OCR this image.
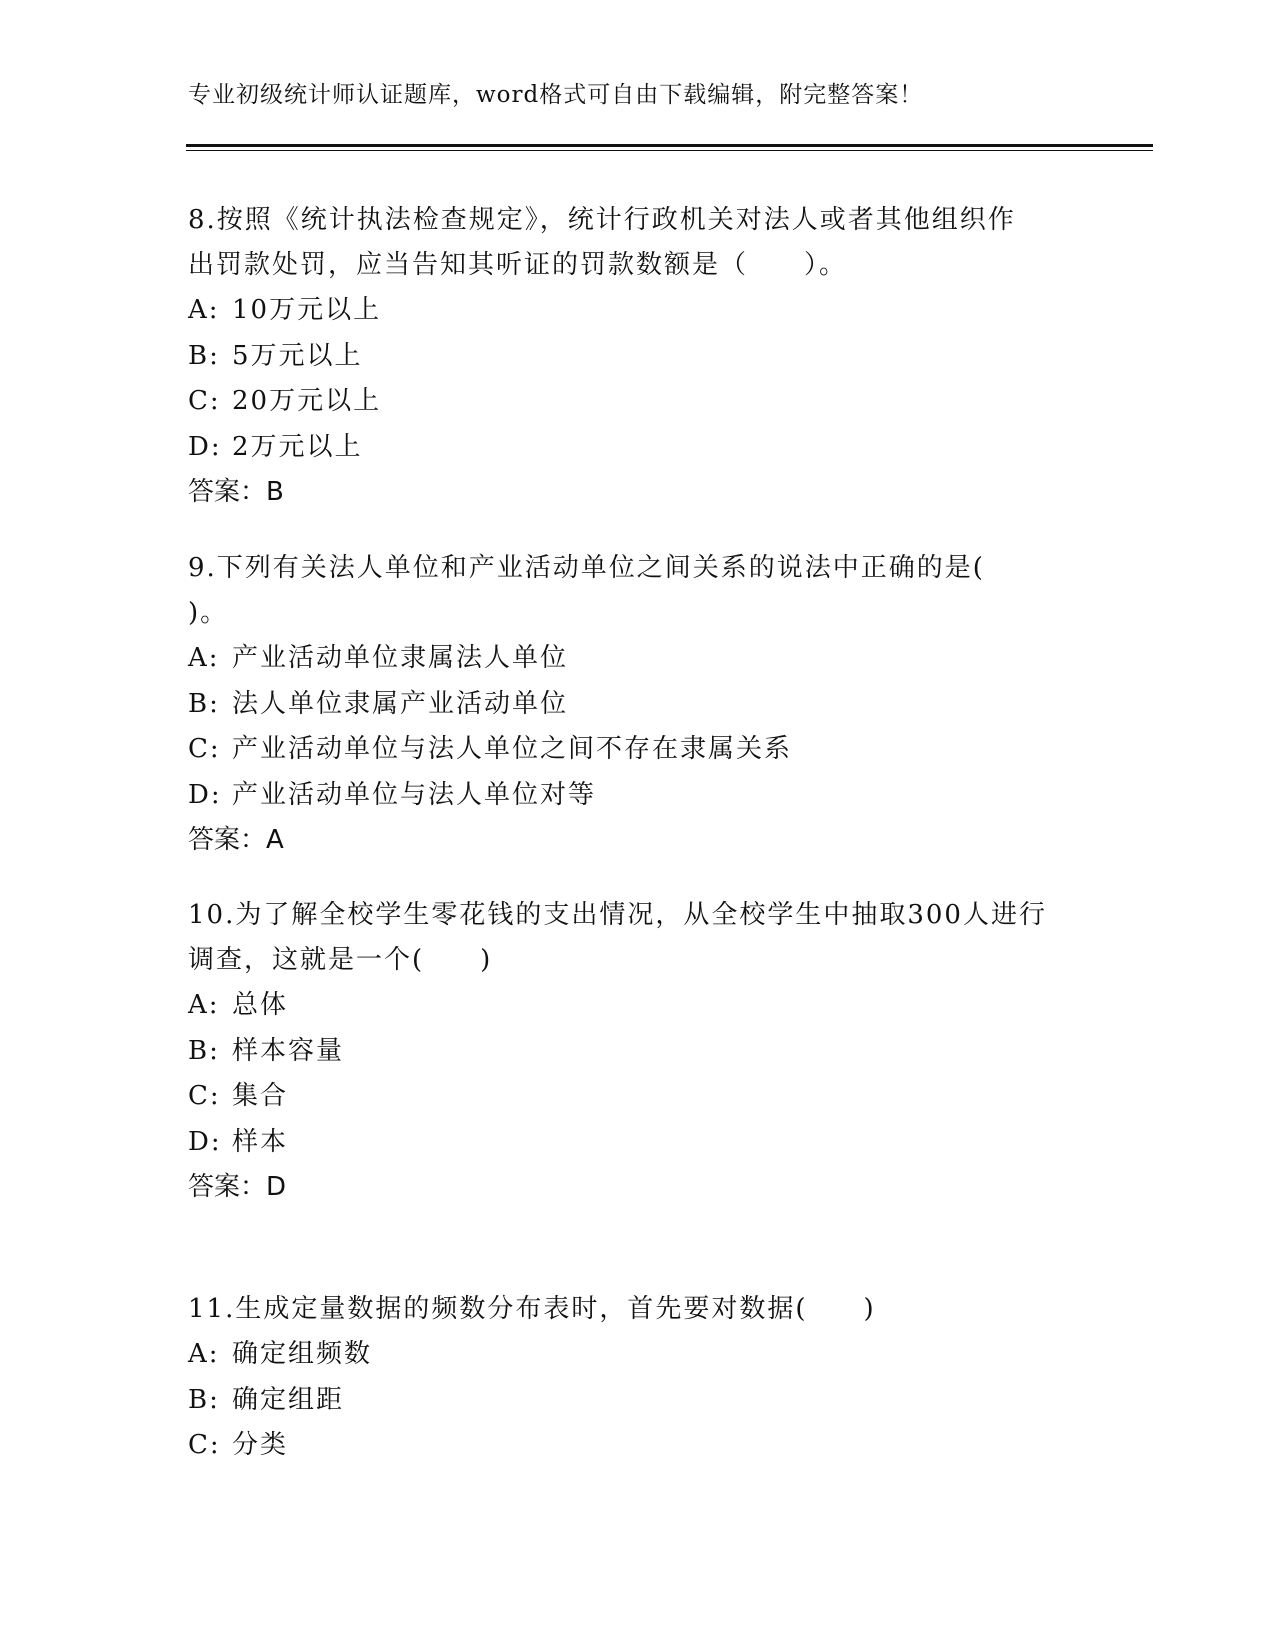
专业初级统计师认证题库，word格式可自由下载编辑，附完整答案！
8.按照《统计执法检查规定》，统计行政机关对法人或者其他组织作
出罚款处罚，应当告知其听证的罚款数额是（　　）。
A: 10万元以上
B: 5万元以上
C: 20万元以上
D: 2万元以上
答案：B
9.下列有关法人单位和产业活动单位之间关系的说法中正确的是(
)。
A: 产业活动单位隶属法人单位
B: 法人单位隶属产业活动单位
C: 产业活动单位与法人单位之间不存在隶属关系
D: 产业活动单位与法人单位对等
答案：A
10.为了解全校学生零花钱的支出情况，从全校学生中抽取300人进行
调查，这就是一个(　　)
A: 总体
B: 样本容量
C: 集合
D: 样本
答案：D
11.生成定量数据的频数分布表时，首先要对数据(　　)
A: 确定组频数
B: 确定组距
C: 分类
